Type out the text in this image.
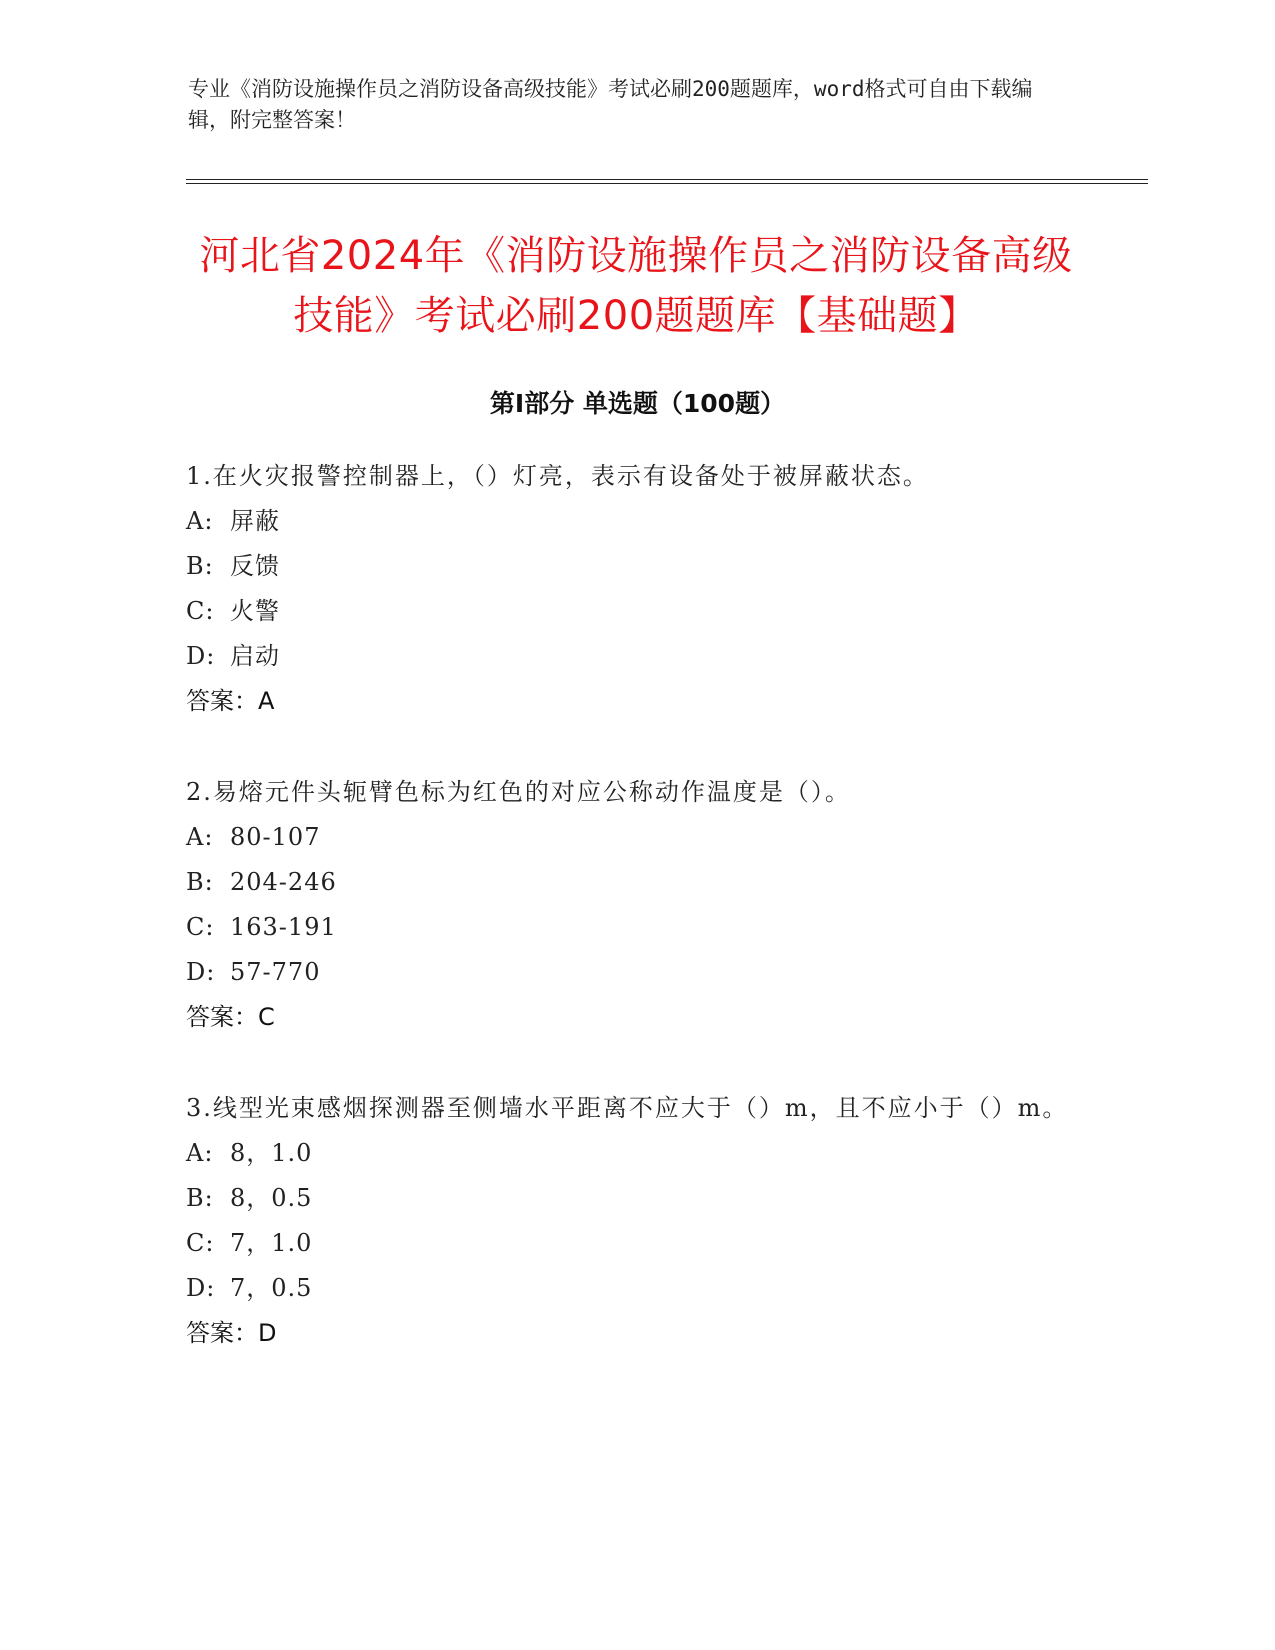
专业《消防设施操作员之消防设备高级技能》考试必刷200题题库，word格式可自由下载编辑，附完整答案！
河北省2024年《消防设施操作员之消防设备高级技能》考试必刷200题题库【基础题】
第I部分 单选题（100题）
1.在火灾报警控制器上，（）灯亮，表示有设备处于被屏蔽状态。
A: 屏蔽
B: 反馈
C: 火警
D: 启动
答案：A
2.易熔元件头轭臂色标为红色的对应公称动作温度是（）。
A: 80-107
B: 204-246
C: 163-191
D: 57-770
答案：C
3.线型光束感烟探测器至侧墙水平距离不应大于（）m，且不应小于（）m。
A: 8，1.0
B: 8，0.5
C: 7，1.0
D: 7，0.5
答案：D
